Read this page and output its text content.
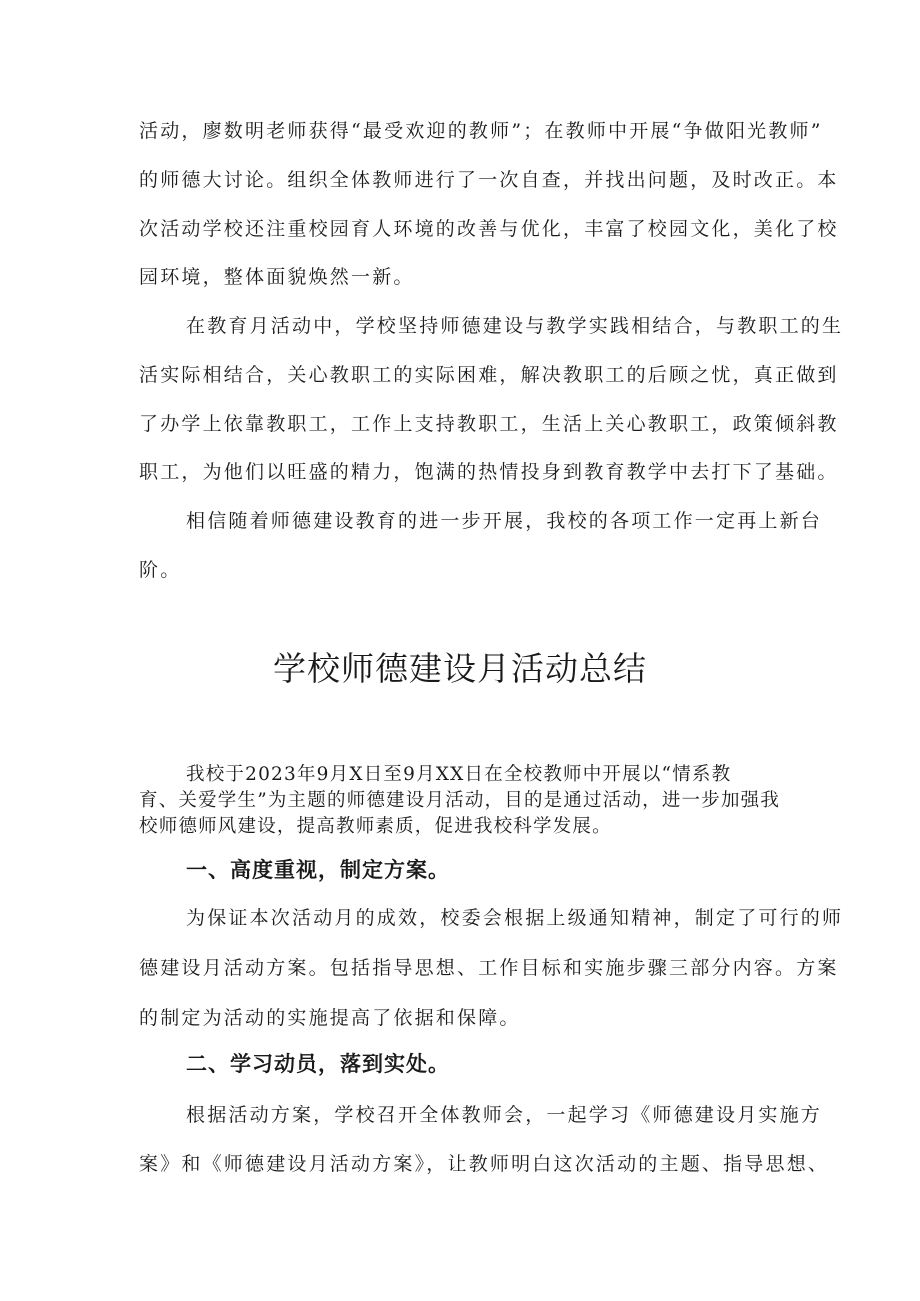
活动，廖数明老师获得“最受欢迎的教师”；在教师中开展“争做阳光教师”
的师德大讨论。组织全体教师进行了一次自查，并找出问题，及时改正。本
次活动学校还注重校园育人环境的改善与优化，丰富了校园文化，美化了校
园环境，整体面貌焕然一新。
在教育月活动中，学校坚持师德建设与教学实践相结合，与教职工的生
活实际相结合，关心教职工的实际困难，解决教职工的后顾之忧，真正做到
了办学上依靠教职工，工作上支持教职工，生活上关心教职工，政策倾斜教
职工，为他们以旺盛的精力，饱满的热情投身到教育教学中去打下了基础。
相信随着师德建设教育的进一步开展，我校的各项工作一定再上新台
阶。
学校师德建设月活动总结
我校于2023年9月X日至9月XX日在全校教师中开展以“情系教
育、关爱学生”为主题的师德建设月活动，目的是通过活动，进一步加强我
校师德师风建设，提高教师素质，促进我校科学发展。
一、高度重视，制定方案。
为保证本次活动月的成效，校委会根据上级通知精神，制定了可行的师
德建设月活动方案。包括指导思想、工作目标和实施步骤三部分内容。方案
的制定为活动的实施提高了依据和保障。
二、学习动员，落到实处。
根据活动方案，学校召开全体教师会，一起学习《师德建设月实施方
案》和《师德建设月活动方案》，让教师明白这次活动的主题、指导思想、
